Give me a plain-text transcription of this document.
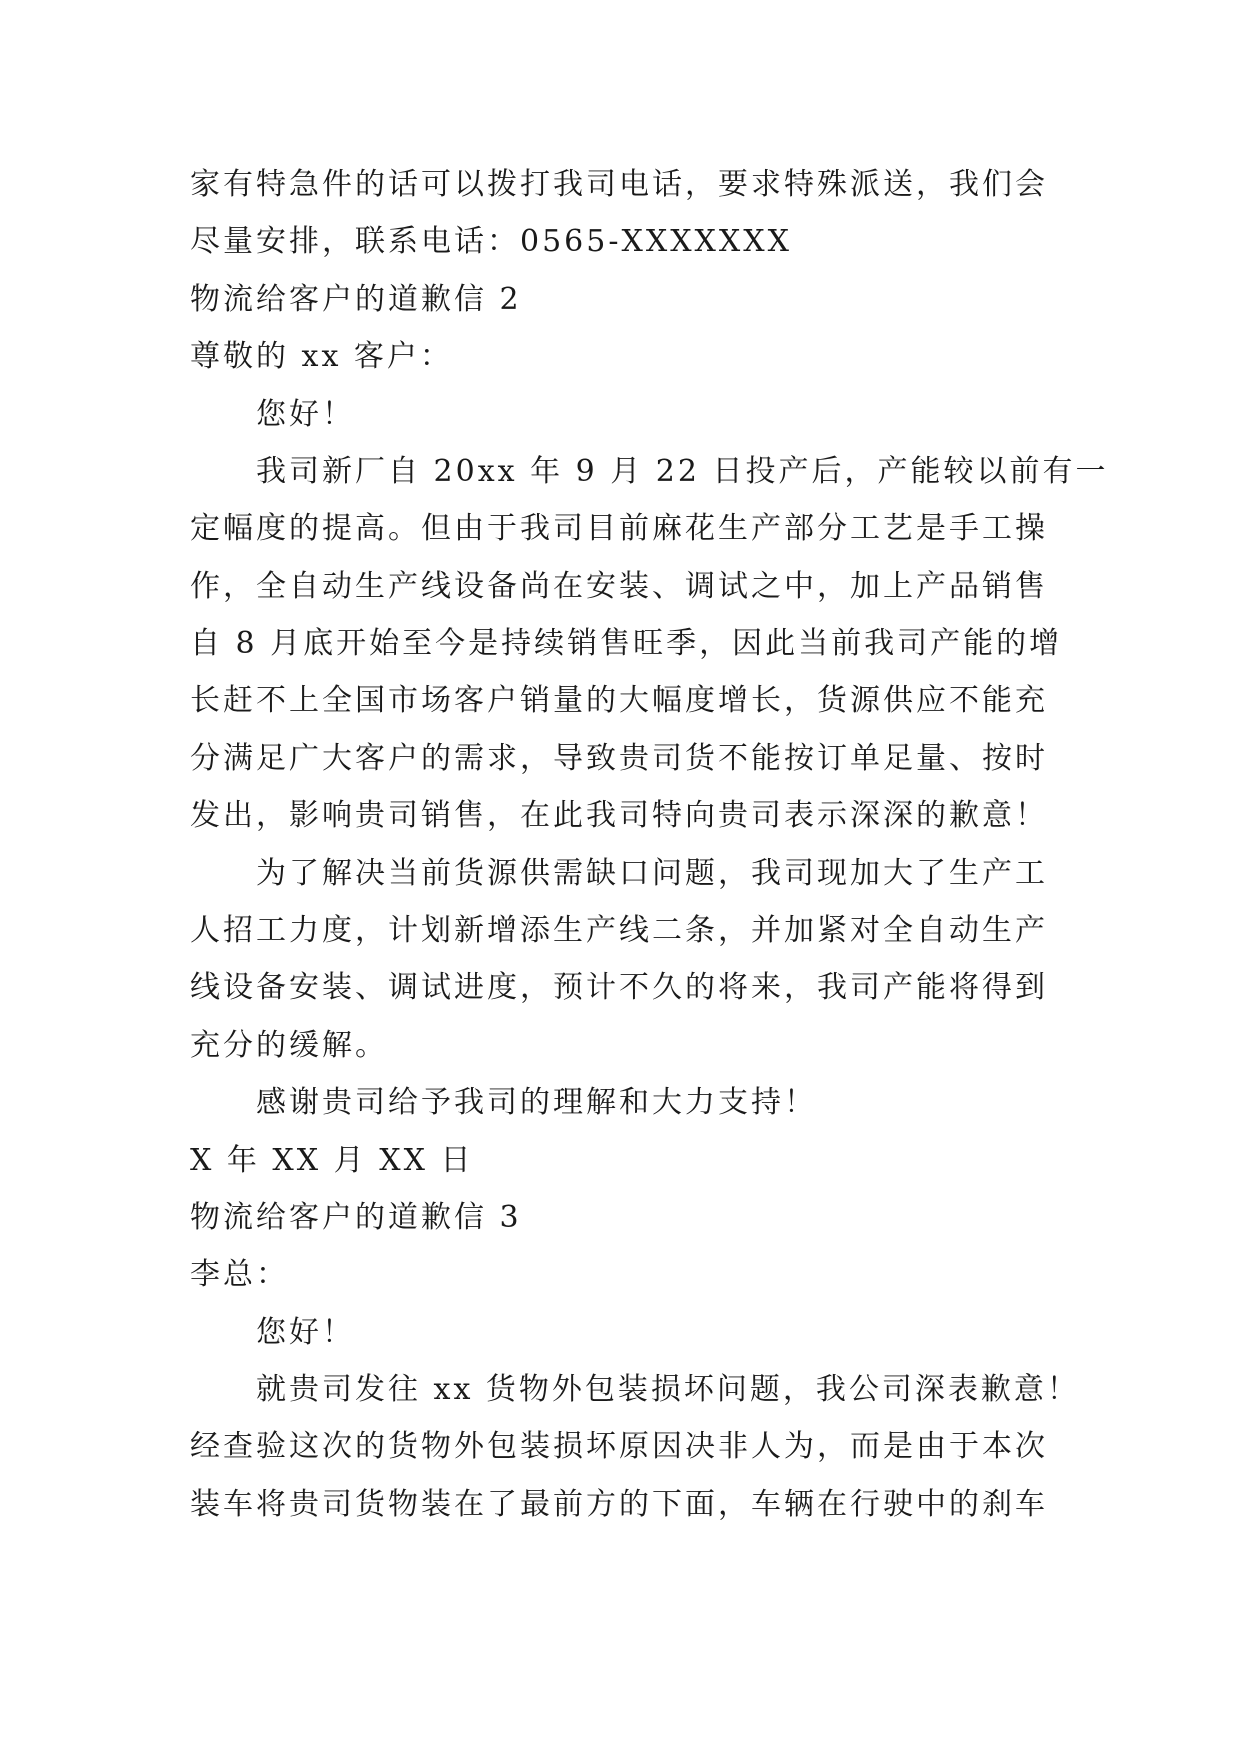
家有特急件的话可以拨打我司电话，要求特殊派送，我们会
尽量安排，联系电话：0565-XXXXXXX
物流给客户的道歉信 2
尊敬的 xx 客户：
您好！
我司新厂自 20xx 年 9 月 22 日投产后，产能较以前有一
定幅度的提高。但由于我司目前麻花生产部分工艺是手工操
作，全自动生产线设备尚在安装、调试之中，加上产品销售
自 8 月底开始至今是持续销售旺季，因此当前我司产能的增
长赶不上全国市场客户销量的大幅度增长，货源供应不能充
分满足广大客户的需求，导致贵司货不能按订单足量、按时
发出，影响贵司销售，在此我司特向贵司表示深深的歉意！
为了解决当前货源供需缺口问题，我司现加大了生产工
人招工力度，计划新增添生产线二条，并加紧对全自动生产
线设备安装、调试进度，预计不久的将来，我司产能将得到
充分的缓解。
感谢贵司给予我司的理解和大力支持！
X 年 XX 月 XX 日
物流给客户的道歉信 3
李总：
您好！
就贵司发往 xx 货物外包装损坏问题，我公司深表歉意！
经查验这次的货物外包装损坏原因决非人为，而是由于本次
装车将贵司货物装在了最前方的下面，车辆在行驶中的刹车
